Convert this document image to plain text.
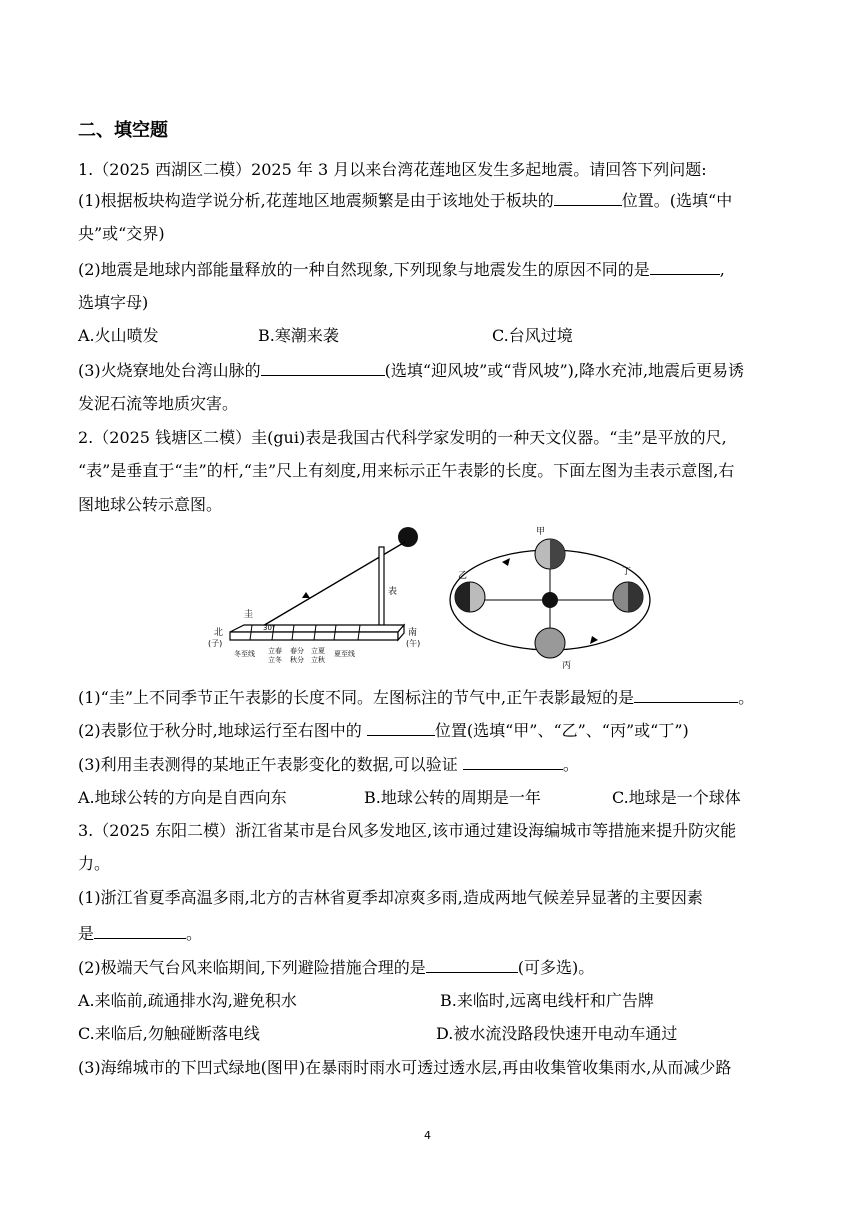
二、填空题
1.（2025 西湖区二模）2025 年 3 月以来台湾花莲地区发生多起地震。请回答下列问题:
(1)根据板块构造学说分析,花莲地区地震频繁是由于该地处于板块的	位置。(选填“中
央”或“交界)
(2)地震是地球内部能量释放的一种自然现象,下列现象与地震发生的原因不同的是	,
选填字母)
A.火山喷发	B.寒潮来袭	C.台风过境
(3)火烧寮地处台湾山脉的	(选填“迎风坡”或“背风坡”),降水充沛,地震后更易诱
发泥石流等地质灾害。
2.（2025 钱塘区二模）圭(gui)表是我国古代科学家发明的一种天文仪器。“圭”是平放的尺,
“表”是垂直于“圭”的杆,“圭”尺上有刻度,用来标示正午表影的长度。下面左图为圭表示意图,右
图地球公转示意图。
圭
表
30°
北
(子)
南
(午)
冬至线 立春
立冬
春分
秋分
立夏
立秋
夏至线
甲
乙
丙
丁
(1)“圭”上不同季节正午表影的长度不同。左图标注的节气中,正午表影最短的是	。
(2)表影位于秋分时,地球运行至右图中的	位置(选填“甲”、“乙”、“丙”或“丁”)
(3)利用圭表测得的某地正午表影变化的数据,可以验证	。
A.地球公转的方向是自西向东	B.地球公转的周期是一年	C.地球是一个球体
3.（2025 东阳二模）浙江省某市是台风多发地区,该市通过建设海编城市等措施来提升防灾能
力。
(1)浙江省夏季高温多雨,北方的吉林省夏季却凉爽多雨,造成两地气候差异显著的主要因素
是	。
(2)极端天气台风来临期间,下列避险措施合理的是	(可多选)。
A.来临前,疏通排水沟,避免积水	B.来临时,远离电线杆和广告牌
C.来临后,勿触碰断落电线	D.被水流没路段快速开电动车通过
(3)海绵城市的下凹式绿地(图甲)在暴雨时雨水可透过透水层,再由收集管收集雨水,从而减少路
4
